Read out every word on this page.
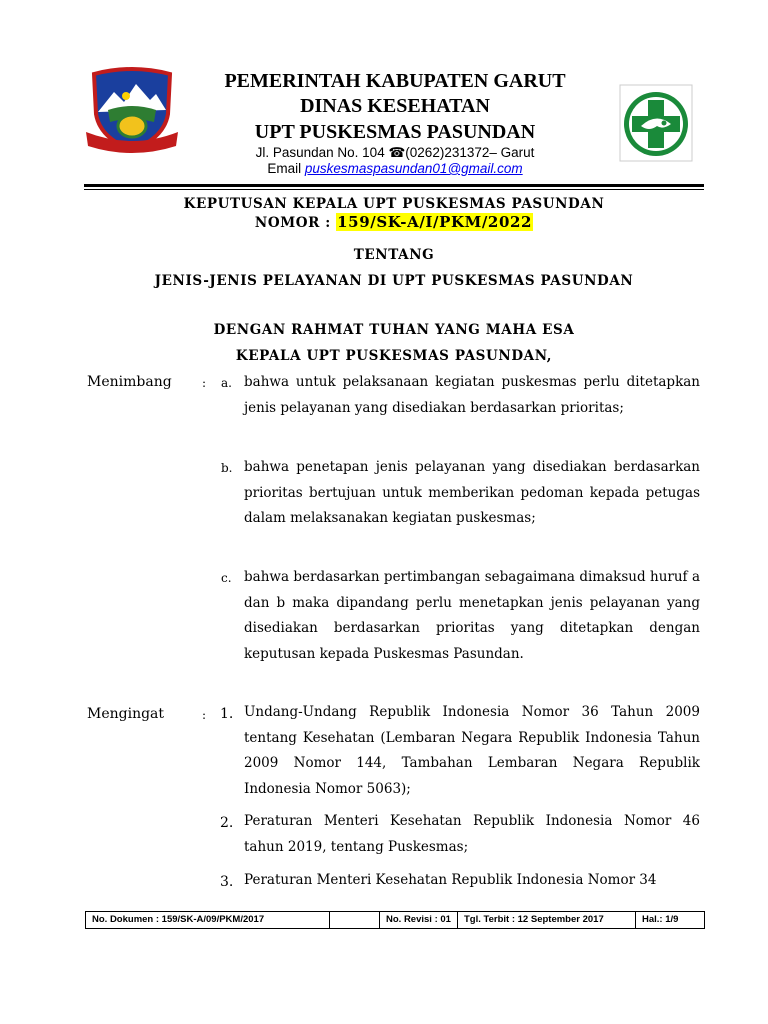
PEMERINTAH KABUPATEN GARUT
DINAS KESEHATAN
UPT PUSKESMAS PASUNDAN
Jl. Pasundan No. 104 ☎(0262)231372– Garut
Email puskesmaspasundan01@gmail.com
KEPUTUSAN KEPALA UPT PUSKESMAS PASUNDAN
NOMOR : 159/SK-A/I/PKM/2022
TENTANG
JENIS-JENIS PELAYANAN DI UPT PUSKESMAS PASUNDAN
DENGAN RAHMAT TUHAN YANG MAHA ESA
KEPALA UPT PUSKESMAS PASUNDAN,
Menimbang	: a. bahwa untuk pelaksanaan kegiatan puskesmas perlu ditetapkan jenis pelayanan yang disediakan berdasarkan prioritas;
b. bahwa penetapan jenis pelayanan yang disediakan berdasarkan prioritas bertujuan untuk memberikan pedoman kepada petugas dalam melaksanakan kegiatan puskesmas;
c. bahwa berdasarkan pertimbangan sebagaimana dimaksud huruf a dan b maka dipandang perlu menetapkan jenis pelayanan yang disediakan berdasarkan prioritas yang ditetapkan dengan keputusan kepada Puskesmas Pasundan.
Mengingat	: 1. Undang-Undang Republik Indonesia Nomor 36 Tahun 2009 tentang Kesehatan (Lembaran Negara Republik Indonesia Tahun 2009 Nomor 144, Tambahan Lembaran Negara Republik Indonesia Nomor 5063);
2. Peraturan Menteri Kesehatan Republik Indonesia Nomor 46 tahun 2019, tentang Puskesmas;
3. Peraturan Menteri Kesehatan Republik Indonesia Nomor 34
No. Dokumen : 159/SK-A/09/PKM/2017	No. Revisi : 01	Tgl. Terbit : 12 September 2017	Hal.: 1/9
